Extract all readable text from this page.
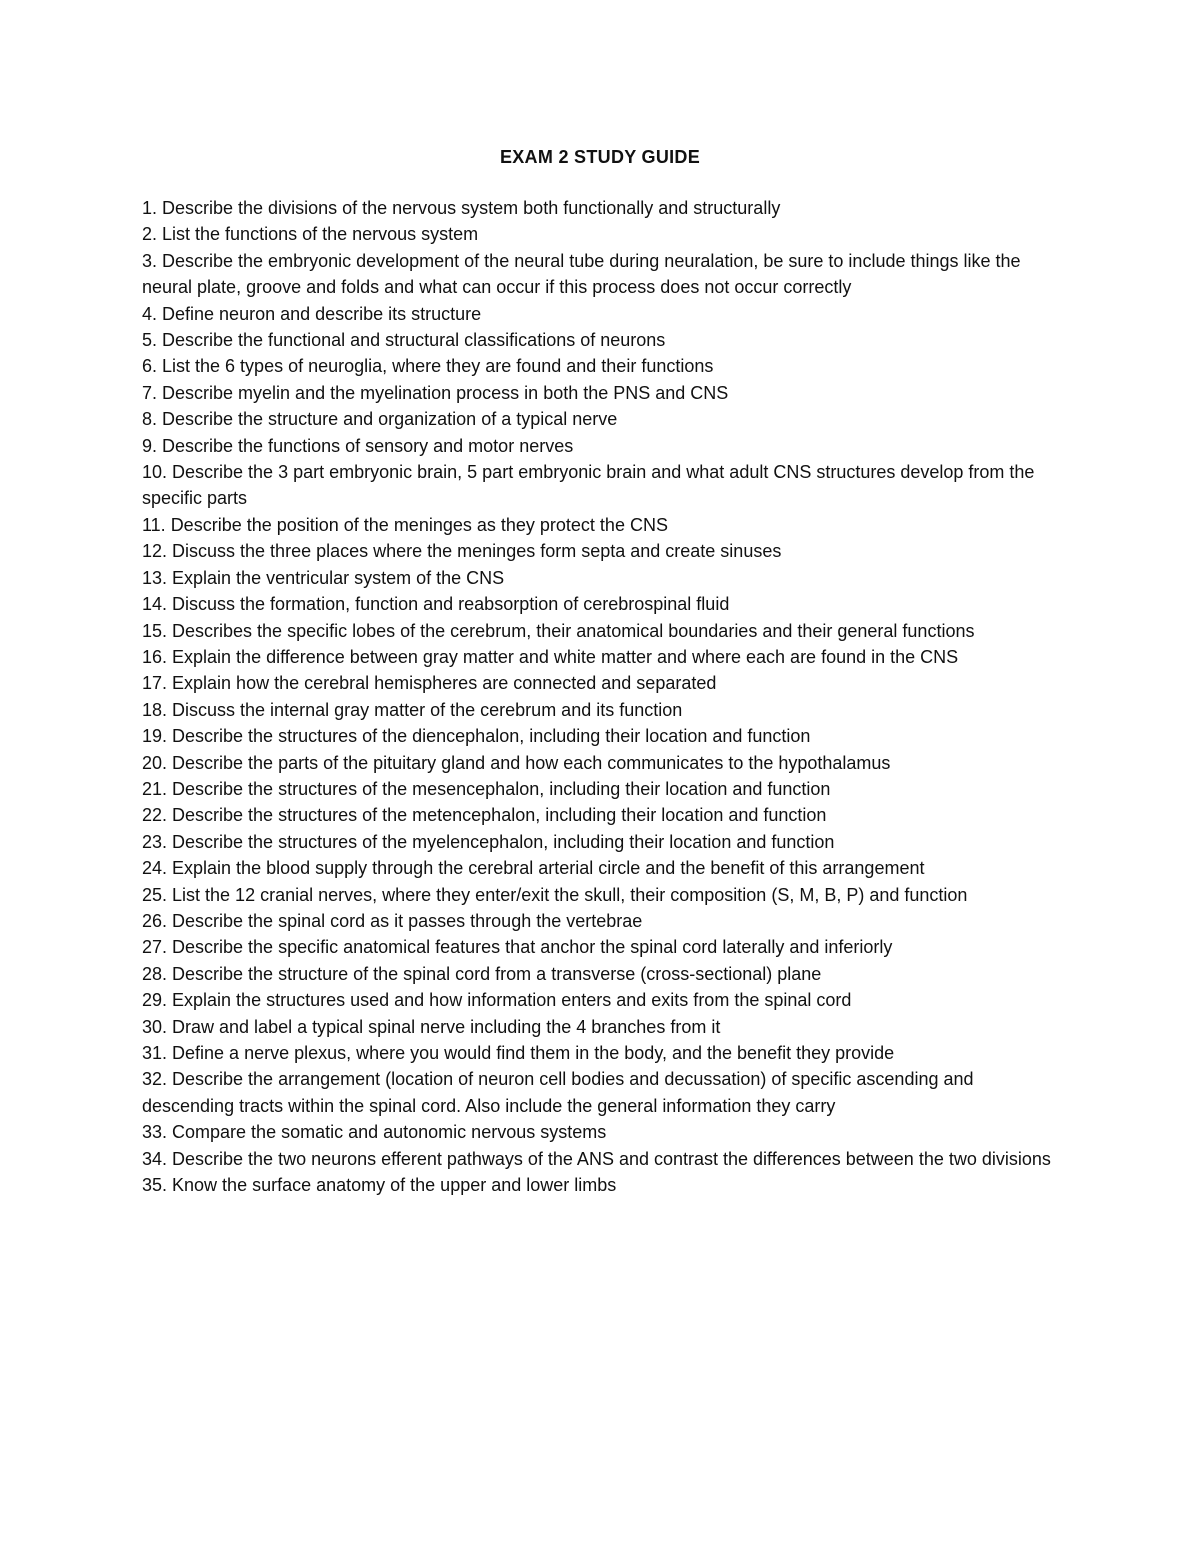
EXAM 2 STUDY GUIDE
1. Describe the divisions of the nervous system both functionally and structurally
2. List the functions of the nervous system
3. Describe the embryonic development of the neural tube during neuralation, be sure to include things like the neural plate, groove and folds and what can occur if this process does not occur correctly
4. Define neuron and describe its structure
5. Describe the functional and structural classifications of neurons
6. List the 6 types of neuroglia, where they are found and their functions
7. Describe myelin and the myelination process in both the PNS and CNS
8. Describe the structure and organization of a typical nerve
9. Describe the functions of sensory and motor nerves
10. Describe the 3 part embryonic brain, 5 part embryonic brain and what adult CNS structures develop from the specific parts
11. Describe the position of the meninges as they protect the CNS
12. Discuss the three places where the meninges form septa and create sinuses
13. Explain the ventricular system of the CNS
14. Discuss the formation, function and reabsorption of cerebrospinal fluid
15. Describes the specific lobes of the cerebrum, their anatomical boundaries and their general functions
16. Explain the difference between gray matter and white matter and where each are found in the CNS
17. Explain how the cerebral hemispheres are connected and separated
18. Discuss the internal gray matter of the cerebrum and its function
19. Describe the structures of the diencephalon, including their location and function
20. Describe the parts of the pituitary gland and how each communicates to the hypothalamus
21. Describe the structures of the mesencephalon, including their location and function
22. Describe the structures of the metencephalon, including their location and function
23. Describe the structures of the myelencephalon, including their location and function
24. Explain the blood supply through the cerebral arterial circle and the benefit of this arrangement
25. List the 12 cranial nerves, where they enter/exit the skull, their composition (S, M, B, P) and function
26. Describe the spinal cord as it passes through the vertebrae
27. Describe the specific anatomical features that anchor the spinal cord laterally and inferiorly
28. Describe the structure of the spinal cord from a transverse (cross-sectional) plane
29. Explain the structures used and how information enters and exits from the spinal cord
30. Draw and label a typical spinal nerve including the 4 branches from it
31. Define a nerve plexus, where you would find them in the body, and the benefit they provide
32. Describe the arrangement (location of neuron cell bodies and decussation) of specific ascending and descending tracts within the spinal cord. Also include the general information they carry
33. Compare the somatic and autonomic nervous systems
34. Describe the two neurons efferent pathways of the ANS and contrast the differences between the two divisions
35. Know the surface anatomy of the upper and lower limbs
